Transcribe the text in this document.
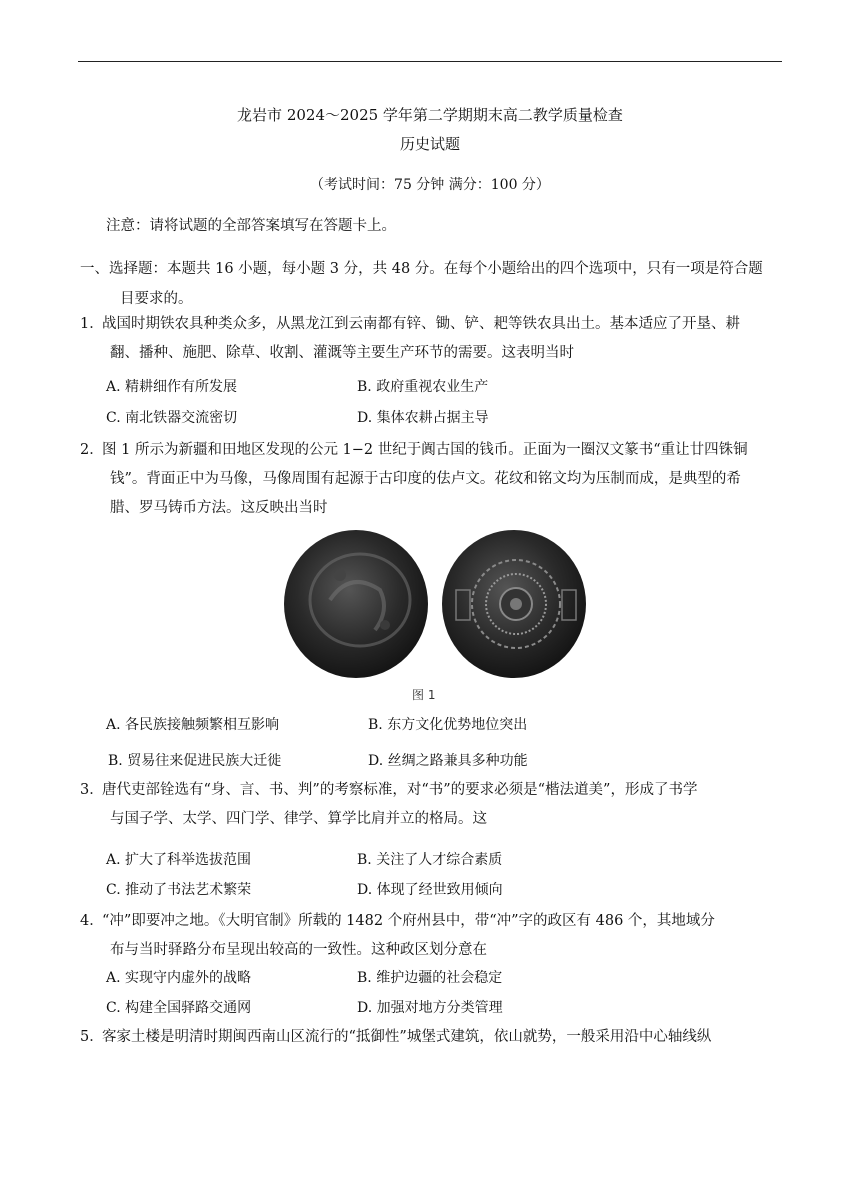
龙岩市 2024～2025 学年第二学期期末高二教学质量检查
历史试题
（考试时间：75 分钟 满分：100 分）
注意：请将试题的全部答案填写在答题卡上。
一、选择题：本题共 16 小题，每小题 3 分，共 48 分。在每个小题给出的四个选项中，只有一项是符合题
目要求的。
1．战国时期铁农具种类众多，从黑龙江到云南都有锌、锄、铲、耙等铁农具出土。基本适应了开垦、耕
翻、播种、施肥、除草、收割、灌溉等主要生产环节的需要。这表明当时
A. 精耕细作有所发展	B. 政府重视农业生产
C. 南北铁器交流密切	D. 集体农耕占据主导
2．图 1 所示为新疆和田地区发现的公元 1−2 世纪于阗古国的钱币。正面为一圈汉文篆书“重让廿四铢铜
钱”。背面正中为马像，马像周围有起源于古印度的佉卢文。花纹和铭文均为压制而成，是典型的希
腊、罗马铸币方法。这反映出当时
图 1
A. 各民族接触频繁相互影响	B. 东方文化优势地位突出
B. 贸易往来促进民族大迁徙	D. 丝绸之路兼具多种功能
3．唐代吏部铨选有“身、言、书、判”的考察标准，对“书”的要求必须是“楷法道美”，形成了书学
与国子学、太学、四门学、律学、算学比肩并立的格局。这
A. 扩大了科举选拔范围	B. 关注了人才综合素质
C. 推动了书法艺术繁荣	D. 体现了经世致用倾向
4．“冲”即要冲之地。《大明官制》所载的 1482 个府州县中，带“冲”字的政区有 486 个，其地域分
布与当时驿路分布呈现出较高的一致性。这种政区划分意在
A. 实现守内虚外的战略	B. 维护边疆的社会稳定
C. 构建全国驿路交通网	D. 加强对地方分类管理
5．客家土楼是明清时期闽西南山区流行的“抵御性”城堡式建筑，依山就势，一般采用沿中心轴线纵
